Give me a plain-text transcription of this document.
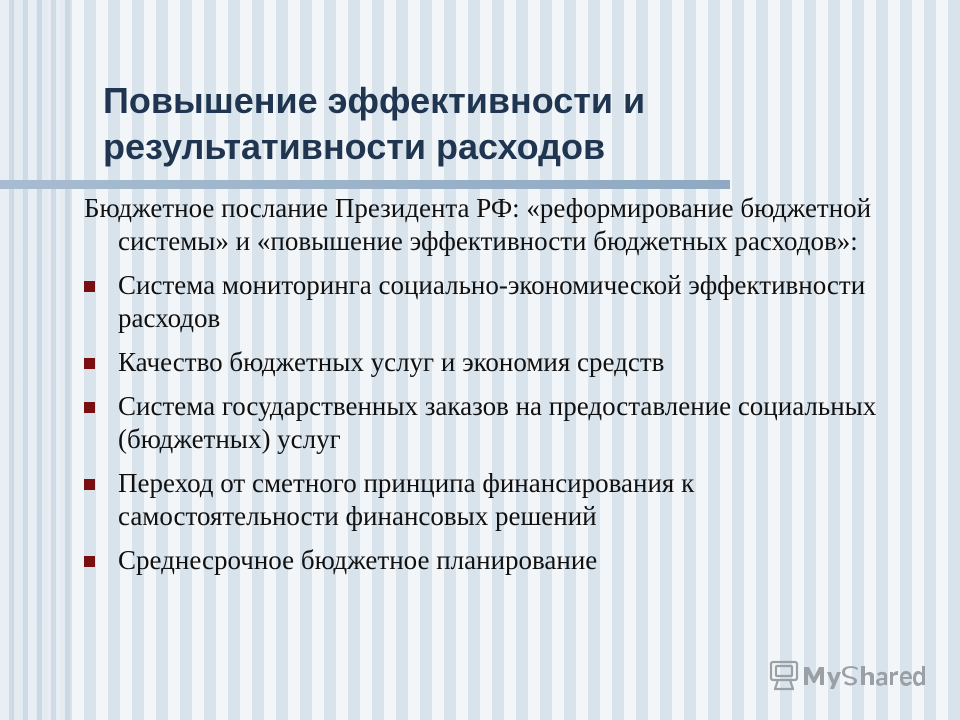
Повышение эффективности и
результативности расходов

Бюджетное послание Президента РФ: «реформирование бюджетной системы» и «повышение эффективности бюджетных расходов»:

Система мониторинга социально-экономической эффективности расходов
Качество бюджетных услуг и экономия средств
Система государственных заказов на предоставление социальных (бюджетных) услуг
Переход от сметного принципа финансирования к самостоятельности финансовых решений
Среднесрочное бюджетное планирование
